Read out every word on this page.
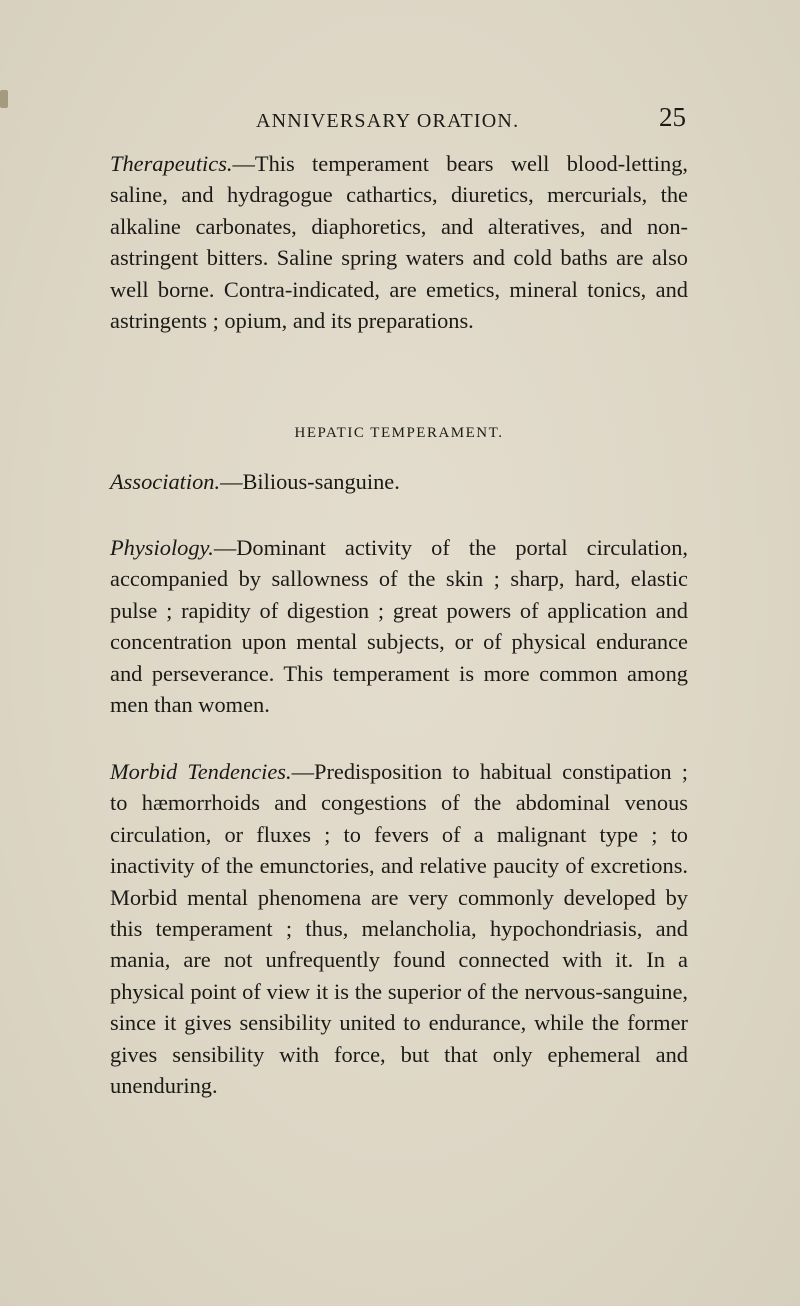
ANNIVERSARY ORATION.	25

Therapeutics.—This temperament bears well blood-letting, saline, and hydragogue cathartics, diuretics, mercurials, the alkaline carbonates, diaphoretics, and alteratives, and non-astringent bitters. Saline spring waters and cold baths are also well borne. Contra-indicated, are emetics, mineral tonics, and astringents ; opium, and its preparations.

HEPATIC TEMPERAMENT.

Association.—Bilious-sanguine.

Physiology.—Dominant activity of the portal circulation, accompanied by sallowness of the skin ; sharp, hard, elastic pulse ; rapidity of digestion ; great powers of application and concentration upon mental subjects, or of physical endurance and perseverance. This temperament is more common among men than women.

Morbid Tendencies.—Predisposition to habitual constipation ; to hæmorrhoids and congestions of the abdominal venous circulation, or fluxes ; to fevers of a malignant type ; to inactivity of the emunctories, and relative paucity of excretions. Morbid mental phenomena are very commonly developed by this temperament ; thus, melancholia, hypochondriasis, and mania, are not unfrequently found connected with it. In a physical point of view it is the superior of the nervous-sanguine, since it gives sensibility united to endurance, while the former gives sensibility with force, but that only ephemeral and unenduring.
